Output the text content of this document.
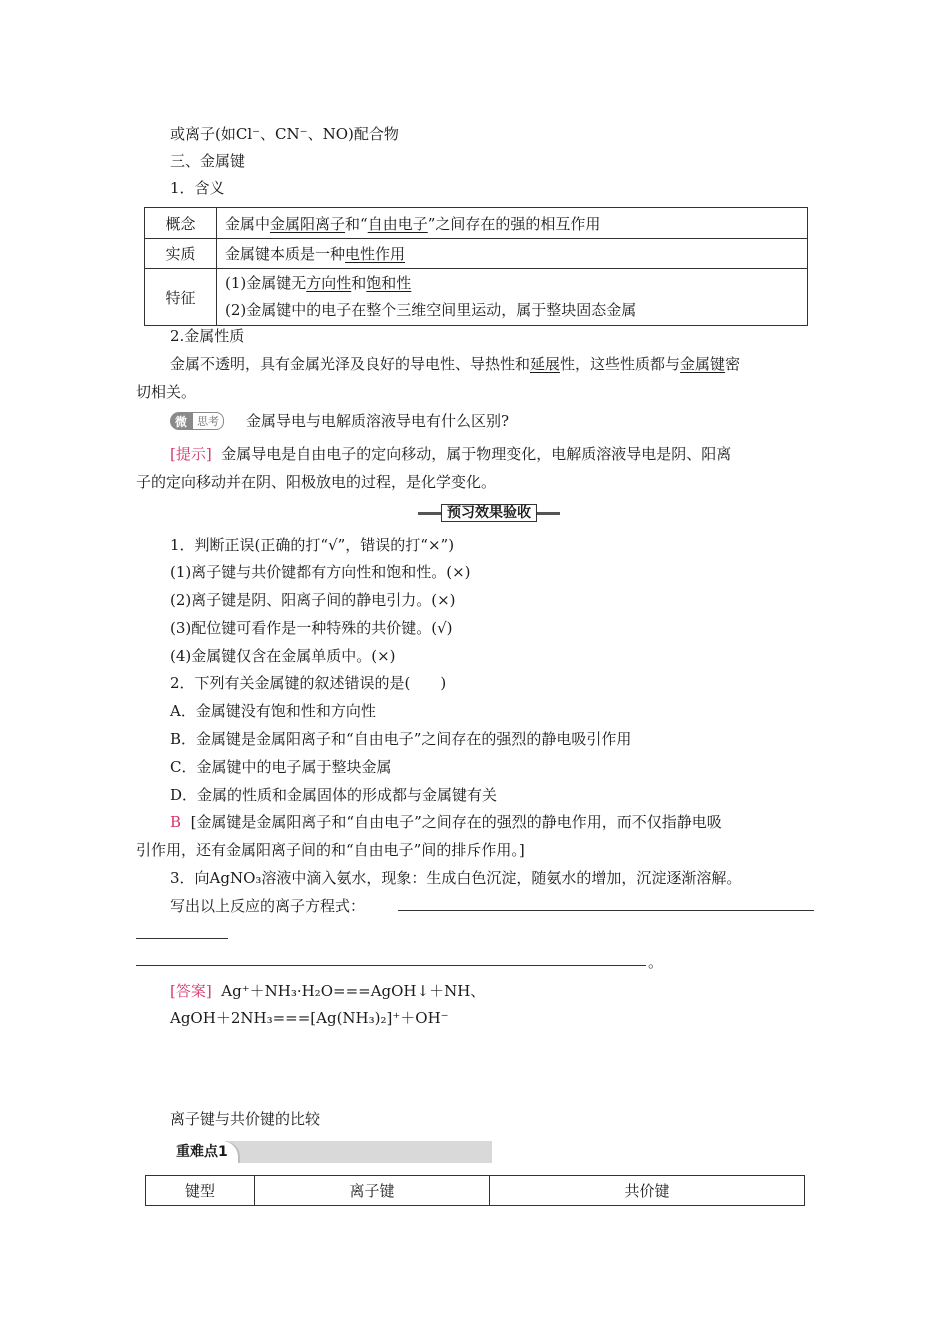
或离子(如Cl⁻、CN⁻、NO)配合物
三、金属键
1．含义
概念	金属中金属阳离子和“自由电子”之间存在的强的相互作用
实质	金属键本质是一种电性作用
特征	(1)金属键无方向性和饱和性
(2)金属键中的电子在整个三维空间里运动，属于整块固态金属
2.金属性质
金属不透明，具有金属光泽及良好的导电性、导热性和延展性，这些性质都与金属键密
切相关。
微 思考	金属导电与电解质溶液导电有什么区别?
[提示] 金属导电是自由电子的定向移动，属于物理变化，电解质溶液导电是阴、阳离
子的定向移动并在阴、阳极放电的过程，是化学变化。
预习效果验收
1．判断正误(正确的打“√”，错误的打“×”)
(1)离子键与共价键都有方向性和饱和性。(×)
(2)离子键是阴、阳离子间的静电引力。(×)
(3)配位键可看作是一种特殊的共价键。(√)
(4)金属键仅含在金属单质中。(×)
2．下列有关金属键的叙述错误的是(　　)
A．金属键没有饱和性和方向性
B．金属键是金属阳离子和“自由电子”之间存在的强烈的静电吸引作用
C．金属键中的电子属于整块金属
D．金属的性质和金属固体的形成都与金属键有关
B [金属键是金属阳离子和“自由电子”之间存在的强烈的静电作用，而不仅指静电吸
引作用，还有金属阳离子间的和“自由电子”间的排斥作用。]
3．向AgNO₃溶液中滴入氨水，现象：生成白色沉淀，随氨水的增加，沉淀逐渐溶解。
写出以上反应的离子方程式：
。
[答案] Ag⁺＋NH₃·H₂O===AgOH↓＋NH、
AgOH＋2NH₃===[Ag(NH₃)₂]⁺＋OH⁻
离子键与共价键的比较
重难点1
键型	离子键	共价键
